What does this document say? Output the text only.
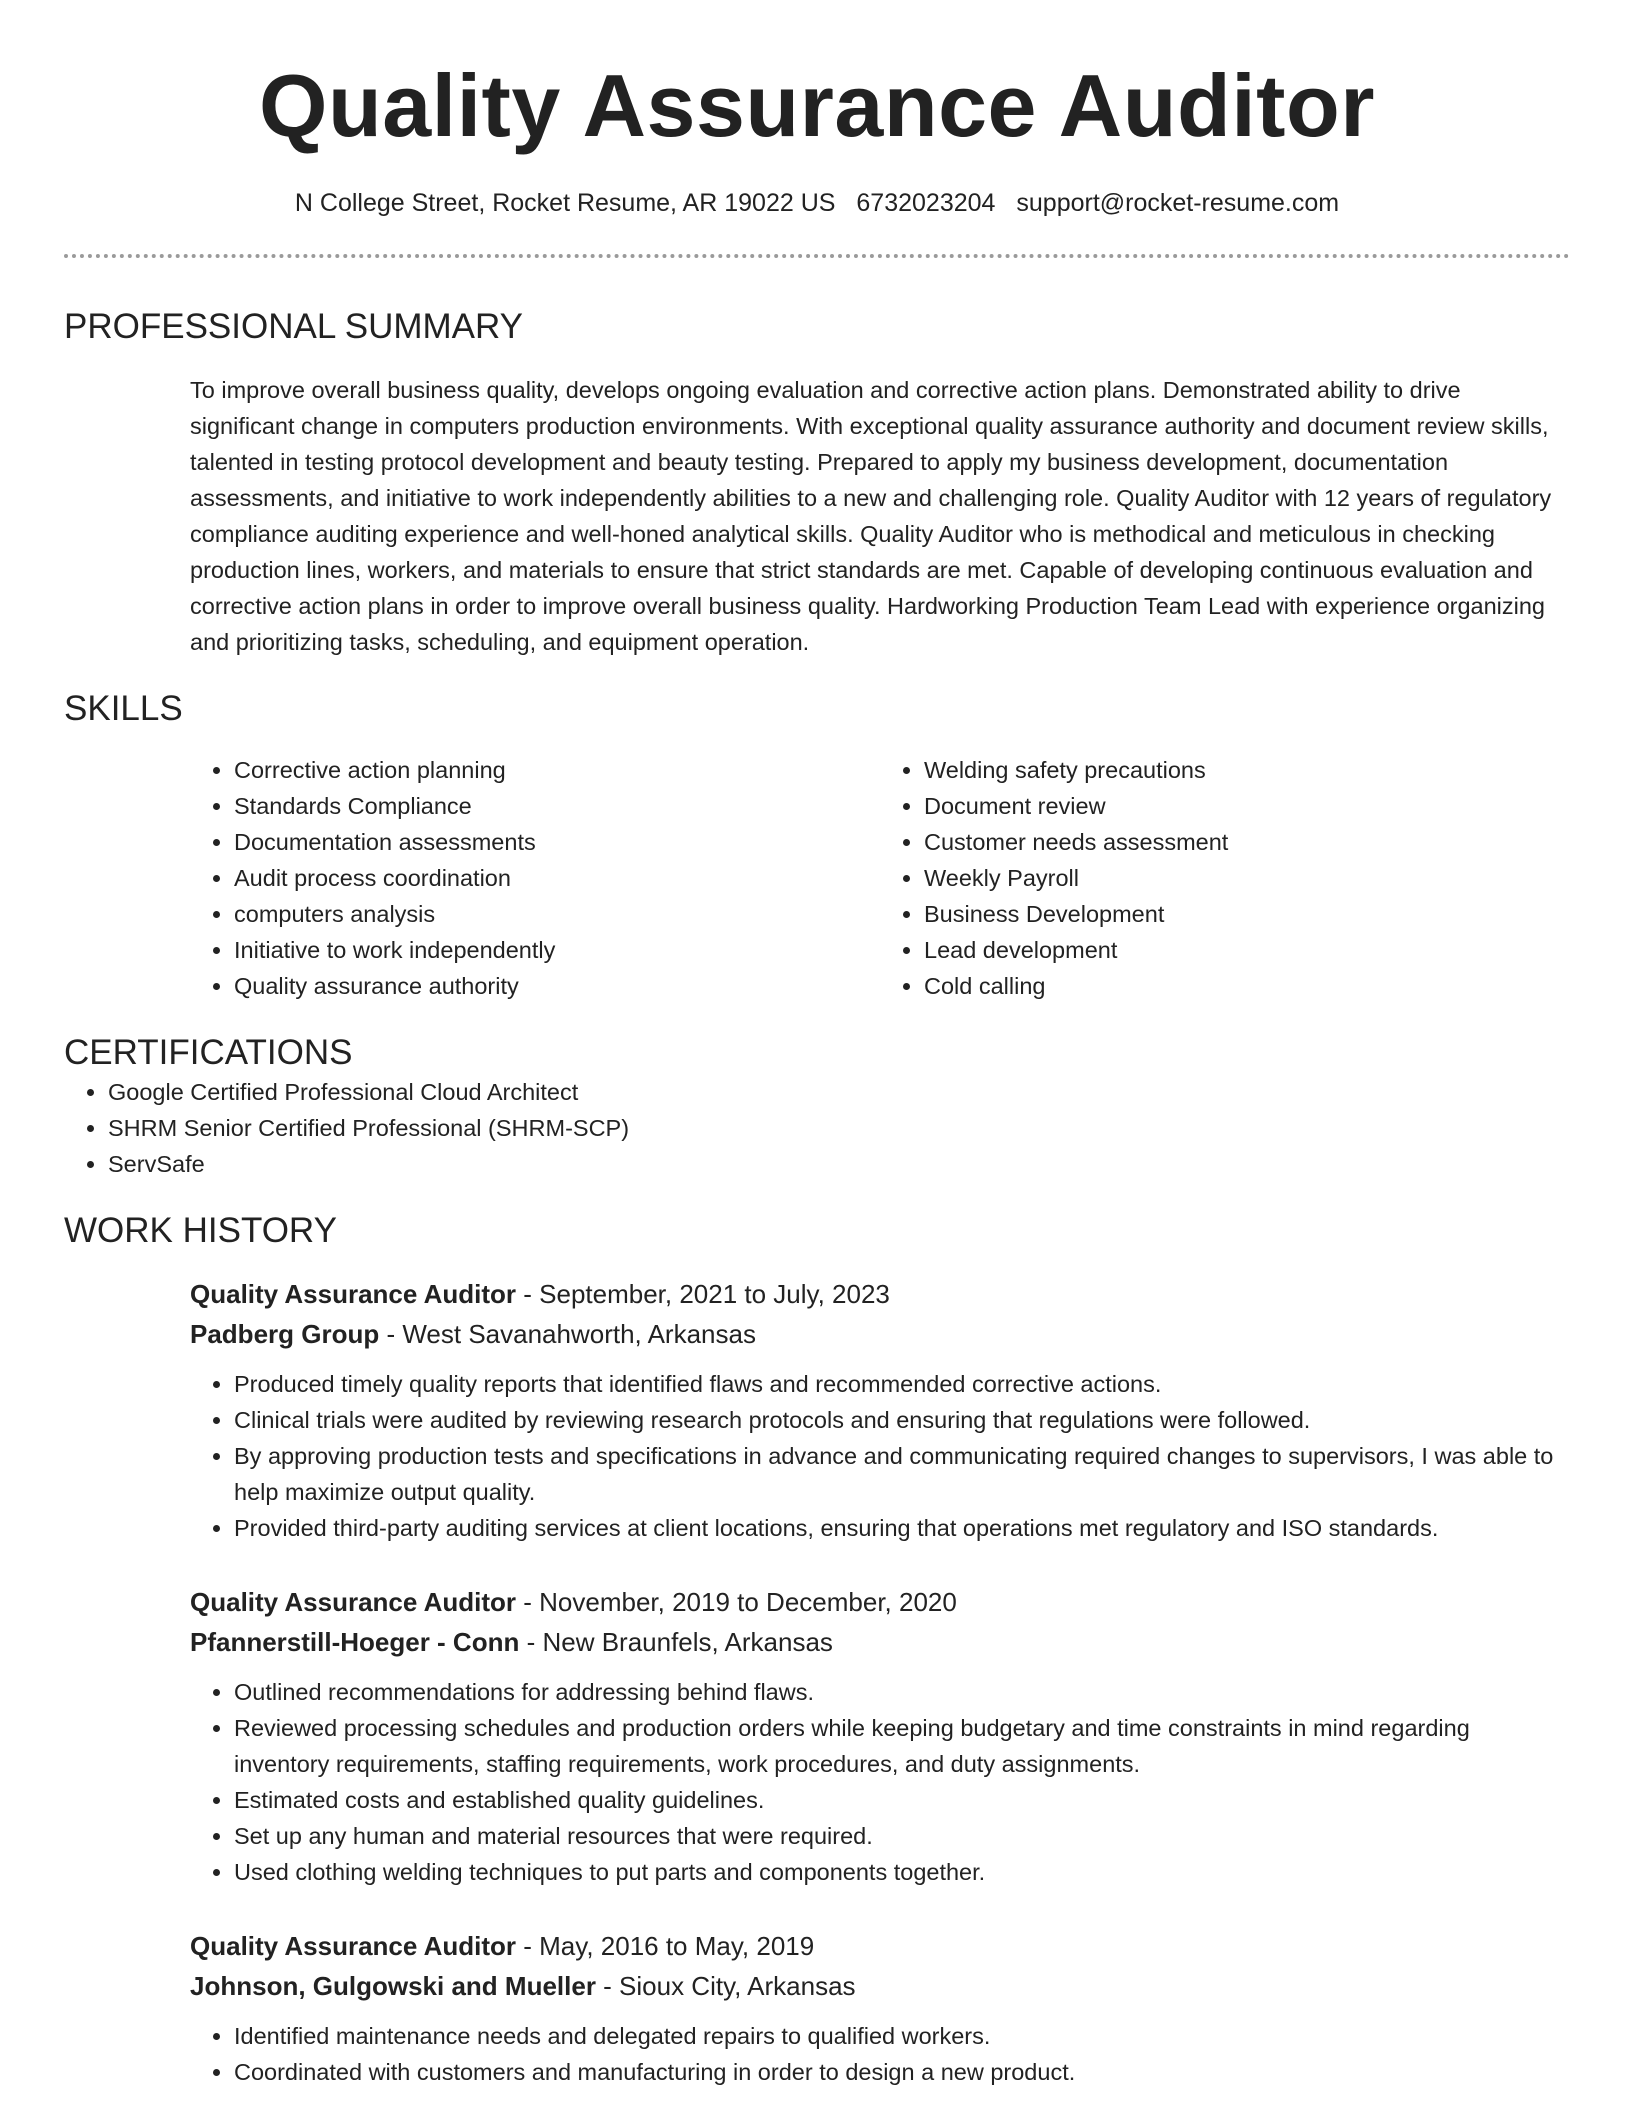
Quality Assurance Auditor
N College Street, Rocket Resume, AR 19022 US 6732023204 support@rocket-resume.com
PROFESSIONAL SUMMARY

To improve overall business quality, develops ongoing evaluation and corrective action plans. Demonstrated ability to drive significant change in computers production environments. With exceptional quality assurance authority and document review skills, talented in testing protocol development and beauty testing. Prepared to apply my business development, documentation assessments, and initiative to work independently abilities to a new and challenging role. Quality Auditor with 12 years of regulatory compliance auditing experience and well-honed analytical skills. Quality Auditor who is methodical and meticulous in checking production lines, workers, and materials to ensure that strict standards are met. Capable of developing continuous evaluation and corrective action plans in order to improve overall business quality. Hardworking Production Team Lead with experience organizing and prioritizing tasks, scheduling, and equipment operation.

SKILLS
• Corrective action planning
• Standards Compliance
• Documentation assessments
• Audit process coordination
• computers analysis
• Initiative to work independently
• Quality assurance authority
• Welding safety precautions
• Document review
• Customer needs assessment
• Weekly Payroll
• Business Development
• Lead development
• Cold calling
CERTIFICATIONS
• Google Certified Professional Cloud Architect
• SHRM Senior Certified Professional (SHRM-SCP)
• ServSafe
WORK HISTORY
Quality Assurance Auditor - September, 2021 to July, 2023
Padberg Group - West Savanahworth, Arkansas
• Produced timely quality reports that identified flaws and recommended corrective actions.
• Clinical trials were audited by reviewing research protocols and ensuring that regulations were followed.
• By approving production tests and specifications in advance and communicating required changes to supervisors, I was able to help maximize output quality.
• Provided third-party auditing services at client locations, ensuring that operations met regulatory and ISO standards.
Quality Assurance Auditor - November, 2019 to December, 2020
Pfannerstill-Hoeger - Conn - New Braunfels, Arkansas
• Outlined recommendations for addressing behind flaws.
• Reviewed processing schedules and production orders while keeping budgetary and time constraints in mind regarding inventory requirements, staffing requirements, work procedures, and duty assignments.
• Estimated costs and established quality guidelines.
• Set up any human and material resources that were required.
• Used clothing welding techniques to put parts and components together.
Quality Assurance Auditor - May, 2016 to May, 2019
Johnson, Gulgowski and Mueller - Sioux City, Arkansas
• Identified maintenance needs and delegated repairs to qualified workers.
• Coordinated with customers and manufacturing in order to design a new product.
